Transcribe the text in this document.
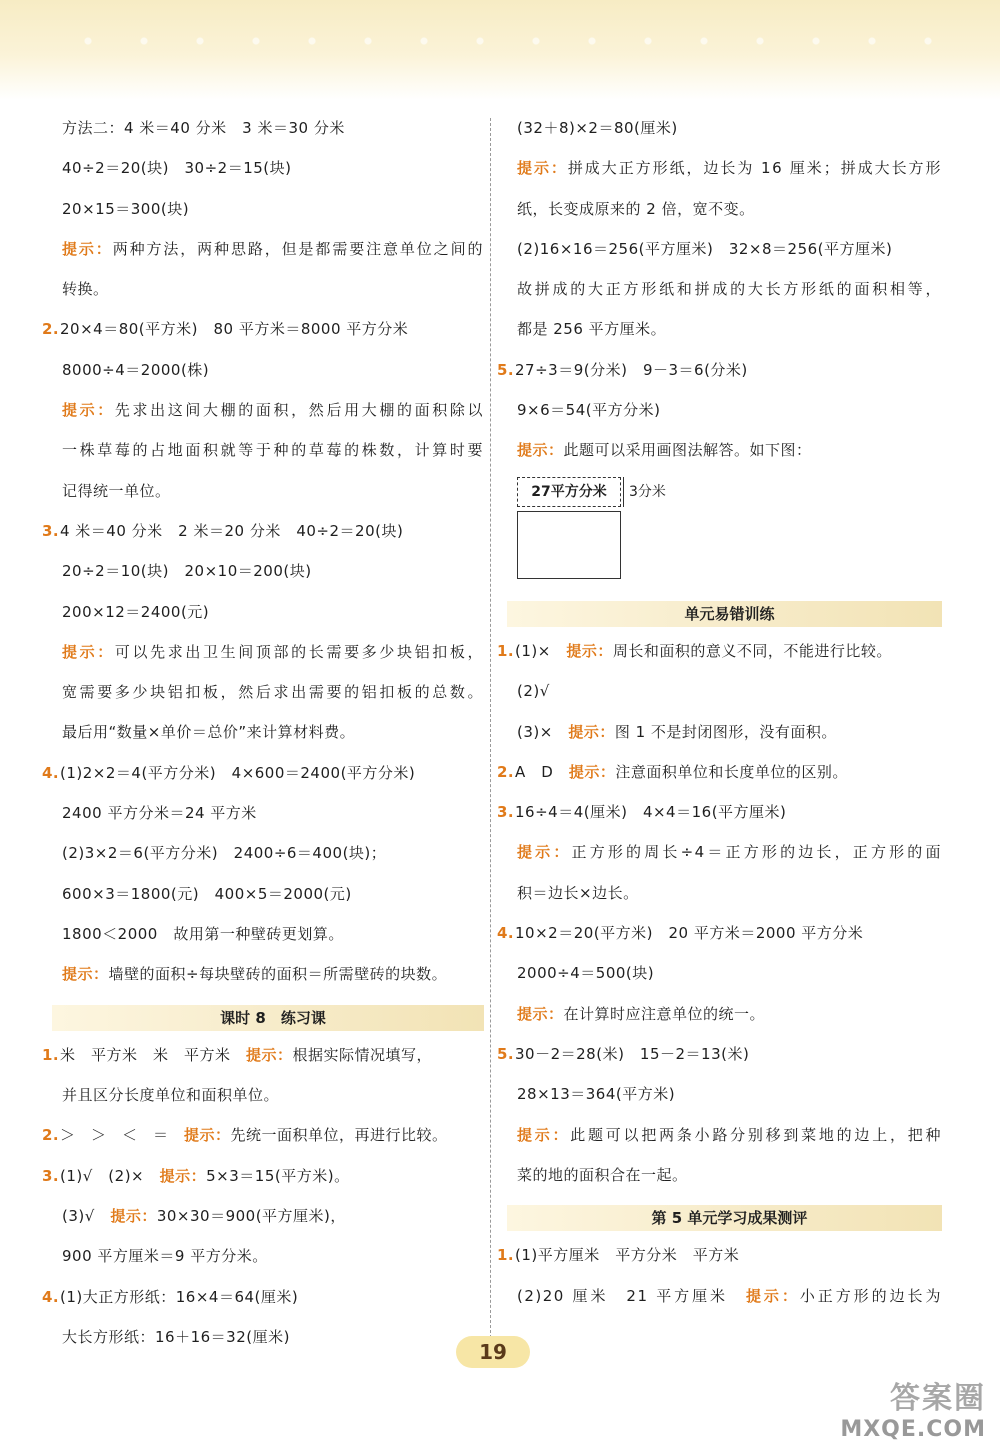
方法二：4 米＝40 分米　3 米＝30 分米
40÷2＝20(块)　30÷2＝15(块)
20×15＝300(块)
提示：两种方法，两种思路，但是都需要注意单位之间的
转换。
2.20×4＝80(平方米)　80 平方米＝8000 平方分米
8000÷4＝2000(株)
提示：先求出这间大棚的面积，然后用大棚的面积除以
一株草莓的占地面积就等于种的草莓的株数，计算时要
记得统一单位。
3.4 米＝40 分米　2 米＝20 分米　40÷2＝20(块)
20÷2＝10(块)　20×10＝200(块)
200×12＝2400(元)
提示：可以先求出卫生间顶部的长需要多少块铝扣板，
宽需要多少块铝扣板，然后求出需要的铝扣板的总数。
最后用“数量×单价＝总价”来计算材料费。
4.(1)2×2＝4(平方分米)　4×600＝2400(平方分米)
2400 平方分米＝24 平方米
(2)3×2＝6(平方分米)　2400÷6＝400(块)；
600×3＝1800(元)　400×5＝2000(元)
1800＜2000　故用第一种壁砖更划算。
提示：墙壁的面积÷每块壁砖的面积＝所需壁砖的块数。
课时 8　练习课
1.米　平方米　米　平方米　提示：根据实际情况填写，
并且区分长度单位和面积单位。
2.＞　＞　＜　＝　提示：先统一面积单位，再进行比较。
3.(1)√　(2)×　提示：5×3＝15(平方米)。
(3)√　提示：30×30＝900(平方厘米)，
900 平方厘米＝9 平方分米。
4.(1)大正方形纸：16×4＝64(厘米)
大长方形纸：16＋16＝32(厘米)
(32＋8)×2＝80(厘米)
提示：拼成大正方形纸，边长为 16 厘米；拼成大长方形
纸，长变成原来的 2 倍，宽不变。
(2)16×16＝256(平方厘米)　32×8＝256(平方厘米)
故拼成的大正方形纸和拼成的大长方形纸的面积相等，
都是 256 平方厘米。
5.27÷3＝9(分米)　9－3＝6(分米)
9×6＝54(平方分米)
提示：此题可以采用画图法解答。如下图：
27平方分米	3分米
单元易错训练
1.(1)×　提示：周长和面积的意义不同，不能进行比较。
(2)√
(3)×　提示：图 1 不是封闭图形，没有面积。
2.A　D　提示：注意面积单位和长度单位的区别。
3.16÷4＝4(厘米)　4×4＝16(平方厘米)
提示：正方形的周长÷4＝正方形的边长，正方形的面
积＝边长×边长。
4.10×2＝20(平方米)　20 平方米＝2000 平方分米
2000÷4＝500(块)
提示：在计算时应注意单位的统一。
5.30－2＝28(米)　15－2＝13(米)
28×13＝364(平方米)
提示：此题可以把两条小路分别移到菜地的边上，把种
菜的地的面积合在一起。
第 5 单元学习成果测评
1.(1)平方厘米　平方分米　平方米
(2)20 厘米　21 平方厘米　提示：小正方形的边长为
19
答案圈
MXQE.COM
